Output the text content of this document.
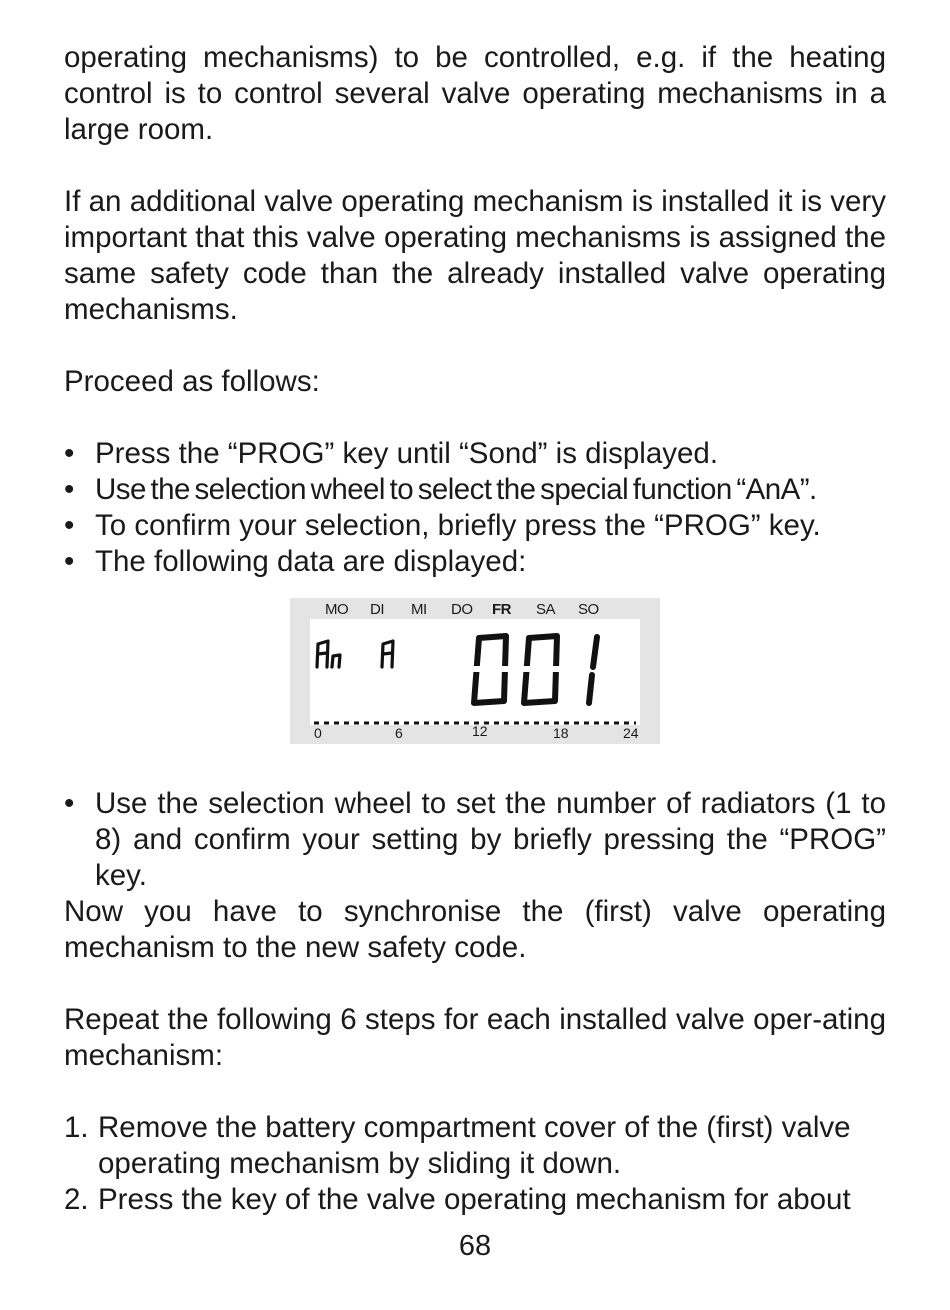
operating mechanisms) to be controlled, e.g. if the heating control is to control several valve operating mechanisms in a large room.

If an additional valve operating mechanism is installed it is very important that this valve operating mechanisms is assigned the same safety code than the already installed valve operating mechanisms.

Proceed as follows:

• Press the “PROG” key until “Sond” is displayed.
• Use the selection wheel to select the special function “AnA”.
• To confirm your selection, briefly press the “PROG” key.
• The following data are displayed:
MO DI MI DO FR SA SO
0	6	12	18	24
• Use the selection wheel to set the number of radiators (1 to 8) and confirm your setting by briefly pressing the “PROG” key.

Now you have to synchronise the (first) valve operating mechanism to the new safety code.

Repeat the following 6 steps for each installed valve oper-ating mechanism:

1. Remove the battery compartment cover of the (first) valve operating mechanism by sliding it down.
2. Press the key of the valve operating mechanism for about
68
